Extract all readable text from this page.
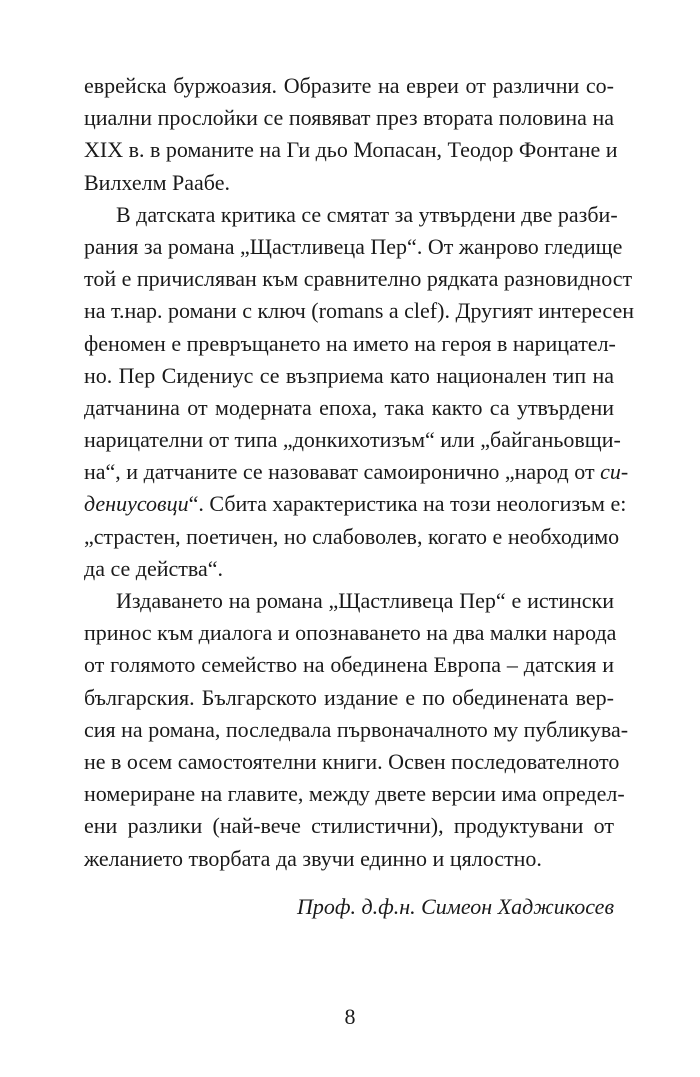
еврейска буржоазия. Образите на евреи от различни со-
циални прослойки се появяват през втората половина на
XIX в. в романите на Ги дьо Мопасан, Теодор Фонтане и
Вилхелм Раабе.
В датската критика се смятат за утвърдени две разби-
рания за романа „Щастливеца Пер“. От жанрово гледище
той е причисляван към сравнително рядката разновидност
на т.нар. романи с ключ (romans a clef). Другият интересен
феномен е превръщането на името на героя в нарицател-
но. Пер Сидениус се възприема като национален тип на
датчанина от модерната епоха, така както са утвърдени
нарицателни от типа „донкихотизъм“ или „байганьовщи-
на“, и датчаните се назовават самоиронично „народ от си-
дениусовци“. Сбита характеристика на този неологизъм е:
„страстен, поетичен, но слабоволев, когато е необходимо
да се действа“.
Издаването на романа „Щастливеца Пер“ е истински
принос към диалога и опознаването на два малки народа
от голямото семейство на обединена Европа – датския и
българския. Българското издание е по обединената вер-
сия на романа, последвала първоначалното му публикува-
не в осем самостоятелни книги. Освен последователното
номериране на главите, между двете версии има определ-
ени разлики (най-вече стилистични), продуктувани от
желанието творбата да звучи единно и цялостно.
Проф. д.ф.н. Симеон Хаджикосев
8
